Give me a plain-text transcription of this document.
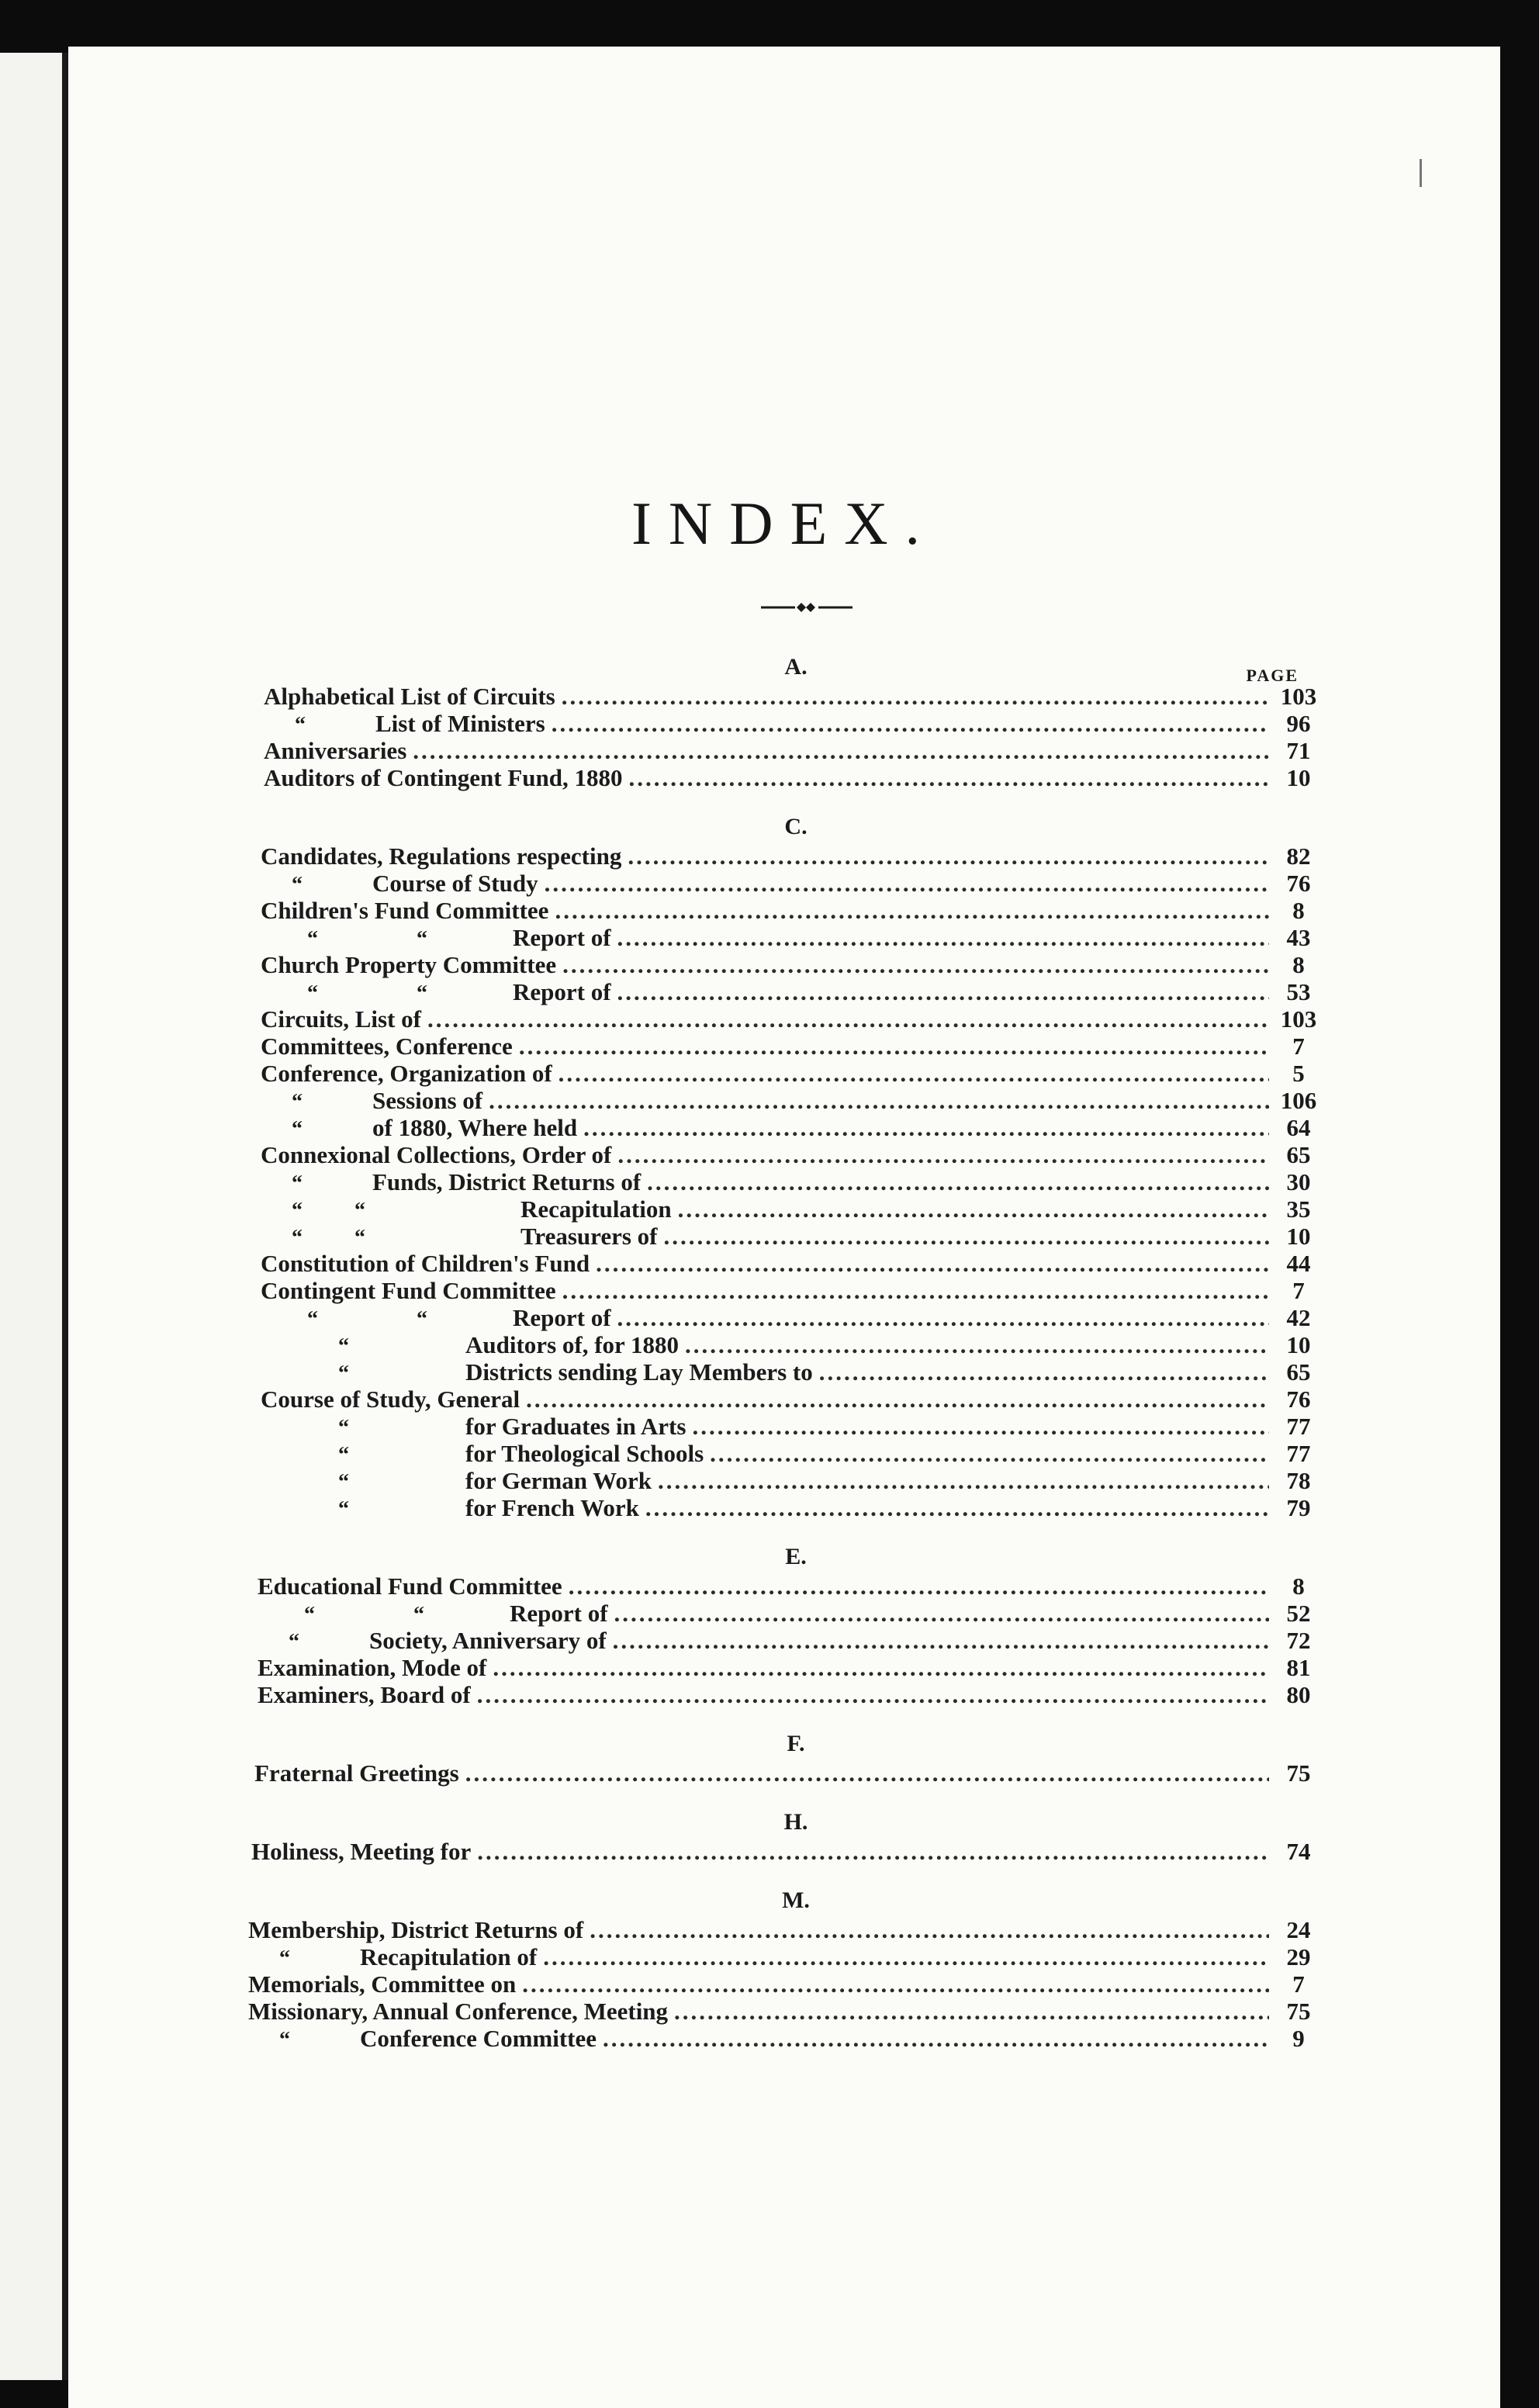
INDEX.
A.	PAGE
Alphabetical List of Circuits .....	103
“	List of Ministers .....	96
Anniversaries .....	71
Auditors of Contingent Fund, 1880 .....	10
C.
Candidates, Regulations respecting .....	82
“	Course of Study .....	76
Children's Fund Committee .....	8
“ “	Report of .....	43
Church Property Committee .....	8
“ “	Report of .....	53
Circuits, List of .....	103
Committees, Conference .....	7
Conference, Organization of .....	5
“	Sessions of .....	106
“	of 1880, Where held .....	64
Connexional Collections, Order of .....	65
“	Funds, District Returns of .....	30
“ “	Recapitulation .....	35
“ “	Treasurers of .....	10
Constitution of Children's Fund .....	44
Contingent Fund Committee .....	7
“ “	Report of .....	42
“	Auditors of, for 1880 .....	10
“	Districts sending Lay Members to .....	65
Course of Study, General .....	76
“	for Graduates in Arts .....	77
“	for Theological Schools .....	77
“	for German Work .....	78
“	for French Work .....	79
E.
Educational Fund Committee .....	8
“ “	Report of .....	52
“	Society, Anniversary of .....	72
Examination, Mode of .....	81
Examiners, Board of .....	80
F.
Fraternal Greetings .....	75
H.
Holiness, Meeting for .....	74
M.
Membership, District Returns of .....	24
“	Recapitulation of .....	29
Memorials, Committee on .....	7
Missionary, Annual Conference, Meeting .....	75
“	Conference Committee .....	9
